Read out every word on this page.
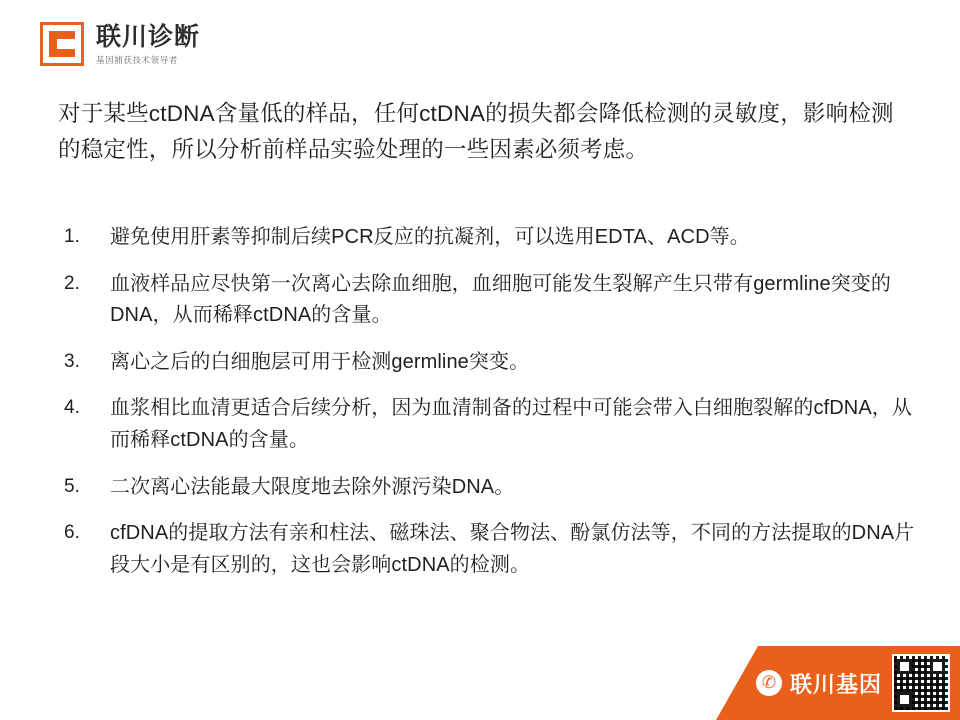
联川诊断
基因捕获技术领导者
对于某些ctDNA含量低的样品，任何ctDNA的损失都会降低检测的灵敏度，影响检测的稳定性，所以分析前样品实验处理的一些因素必须考虑。
1.	避免使用肝素等抑制后续PCR反应的抗凝剂，可以选用EDTA、ACD等。
2.	血液样品应尽快第一次离心去除血细胞，血细胞可能发生裂解产生只带有germline突变的DNA，从而稀释ctDNA的含量。
3.	离心之后的白细胞层可用于检测germline突变。
4.	血浆相比血清更适合后续分析，因为血清制备的过程中可能会带入白细胞裂解的cfDNA，从而稀释ctDNA的含量。
5.	二次离心法能最大限度地去除外源污染DNA。
6.	cfDNA的提取方法有亲和柱法、磁珠法、聚合物法、酚氯仿法等，不同的方法提取的DNA片段大小是有区别的，这也会影响ctDNA的检测。
✆ 联川基因
